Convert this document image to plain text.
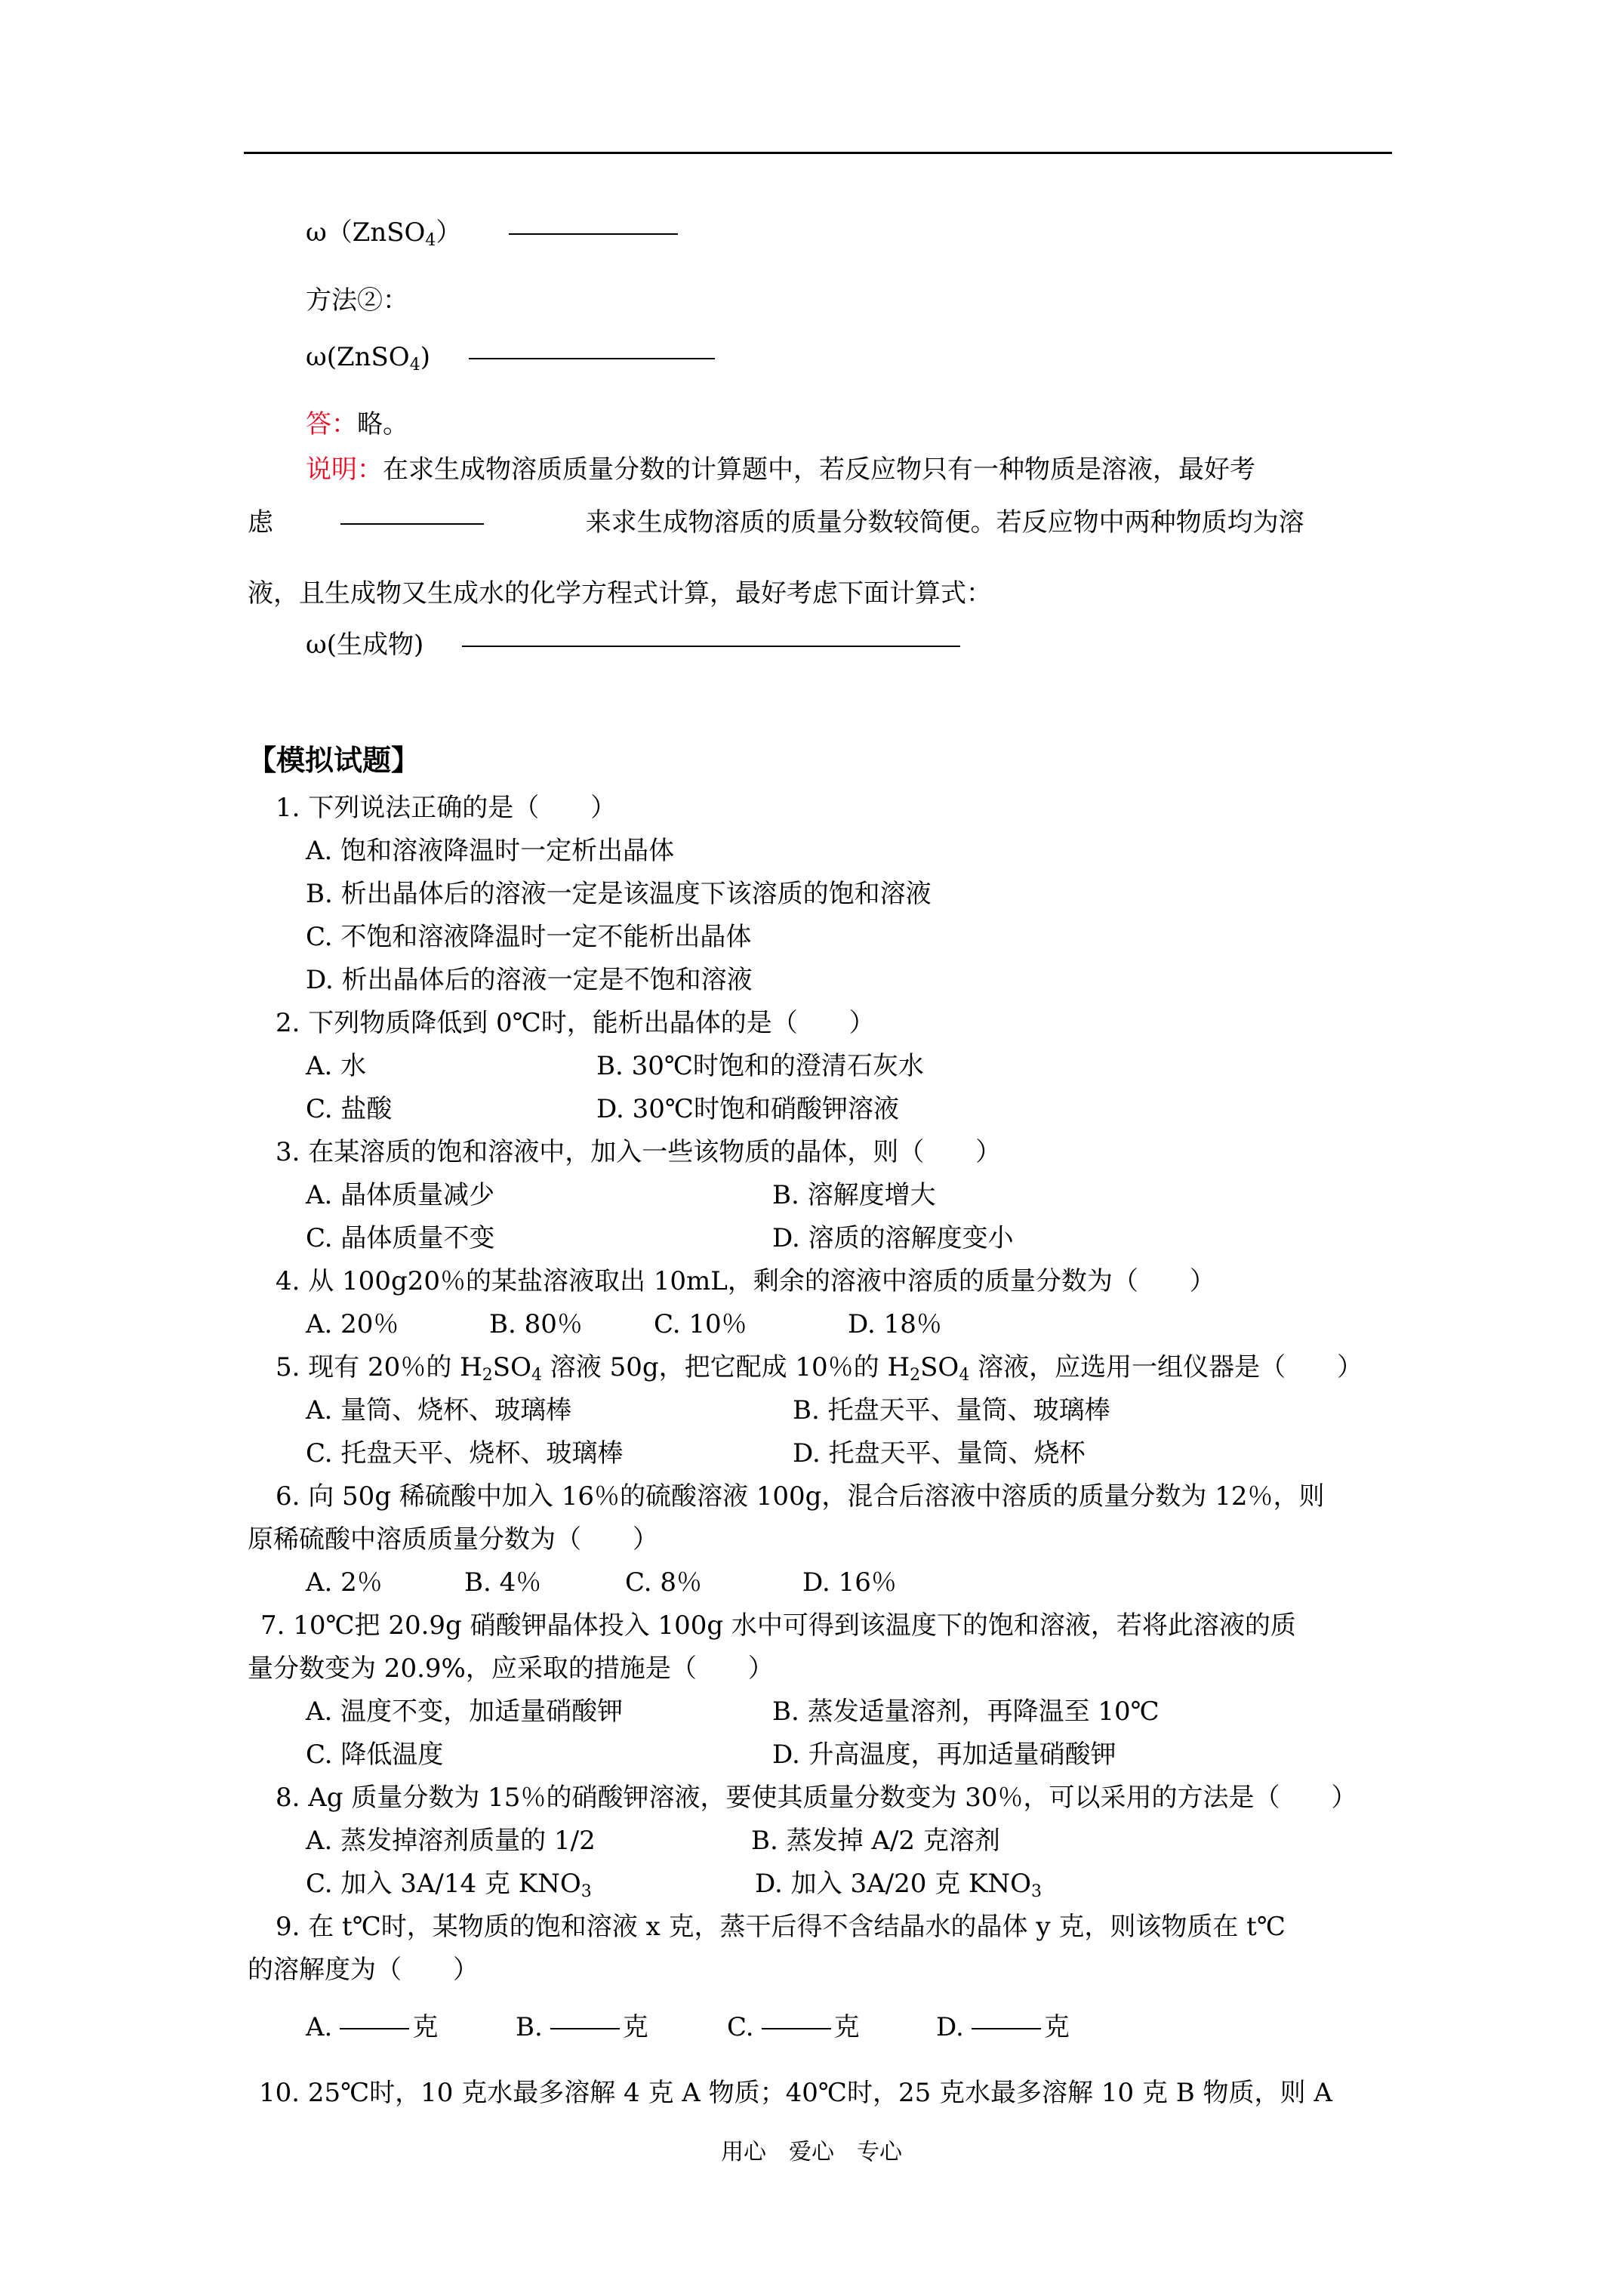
ω（ZnSO$_4$）
方法②：
ω(ZnSO$_4$)
答：略。
说明：在求生成物溶质质量分数的计算题中，若反应物只有一种物质是溶液，最好考
虑	来求生成物溶质的质量分数较简便。若反应物中两种物质均为溶
液，且生成物又生成水的化学方程式计算，最好考虑下面计算式：
ω(生成物)
【模拟试题】
1. 下列说法正确的是（　　）
A. 饱和溶液降温时一定析出晶体
B. 析出晶体后的溶液一定是该温度下该溶质的饱和溶液
C. 不饱和溶液降温时一定不能析出晶体
D. 析出晶体后的溶液一定是不饱和溶液
2. 下列物质降低到 0℃时，能析出晶体的是（　　）
A. 水	B. 30℃时饱和的澄清石灰水
C. 盐酸	D. 30℃时饱和硝酸钾溶液
3. 在某溶质的饱和溶液中，加入一些该物质的晶体，则（　　）
A. 晶体质量减少	B. 溶解度增大
C. 晶体质量不变	D. 溶质的溶解度变小
4. 从 100g20％的某盐溶液取出 10mL，剩余的溶液中溶质的质量分数为（　　）
A. 20％	B. 80％	C. 10％	D. 18％
5. 现有 20％的 $H_2SO_4$ 溶液 50g，把它配成 10％的 $H_2SO_4$ 溶液，应选用一组仪器是（　　）
A. 量筒、烧杯、玻璃棒	B. 托盘天平、量筒、玻璃棒
C. 托盘天平、烧杯、玻璃棒	D. 托盘天平、量筒、烧杯
6. 向 50g 稀硫酸中加入 16％的硫酸溶液 100g，混合后溶液中溶质的质量分数为 12％，则
原稀硫酸中溶质质量分数为（　　）
A. 2％	B. 4％	C. 8％	D. 16％
7. 10℃把 20.9g 硝酸钾晶体投入 100g 水中可得到该温度下的饱和溶液，若将此溶液的质
量分数变为 20.9%，应采取的措施是（　　）
A. 温度不变，加适量硝酸钾	B. 蒸发适量溶剂，再降温至 10℃
C. 降低温度	D. 升高温度，再加适量硝酸钾
8. Ag 质量分数为 15％的硝酸钾溶液，要使其质量分数变为 30％，可以采用的方法是（　　）
A. 蒸发掉溶剂质量的 1/2	B. 蒸发掉 A/2 克溶剂
C. 加入 3A/14 克 $KNO_3$	D. 加入 3A/20 克 $KNO_3$
9. 在 t℃时，某物质的饱和溶液 x 克，蒸干后得不含结晶水的晶体 y 克，则该物质在 t℃
的溶解度为（　　）
A.	克	B.	克	C.	克	D.	克
10. 25℃时，10 克水最多溶解 4 克 A 物质；40℃时，25 克水最多溶解 10 克 B 物质，则 A
用心　爱心　专心
